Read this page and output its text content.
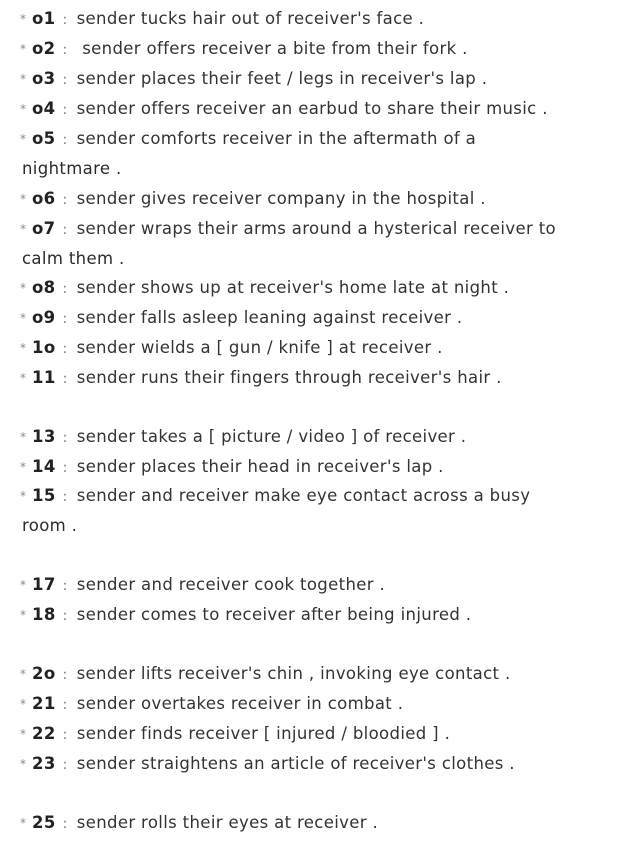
* o1 : sender tucks hair out of receiver's face .
* o2 : sender offers receiver a bite from their fork .
* o3 : sender places their feet / legs in receiver's lap .
* o4 : sender offers receiver an earbud to share their music .
* o5 : sender comforts receiver in the aftermath of a
nightmare .
* o6 : sender gives receiver company in the hospital .
* o7 : sender wraps their arms around a hysterical receiver to
calm them .
* o8 : sender shows up at receiver's home late at night .
* o9 : sender falls asleep leaning against receiver .
* 1o : sender wields a [ gun / knife ] at receiver .
* 11 : sender runs their fingers through receiver's hair .
* 13 : sender takes a [ picture / video ] of receiver .
* 14 : sender places their head in receiver's lap .
* 15 : sender and receiver make eye contact across a busy
room .
* 17 : sender and receiver cook together .
* 18 : sender comes to receiver after being injured .
* 2o : sender lifts receiver's chin , invoking eye contact .
* 21 : sender overtakes receiver in combat .
* 22 : sender finds receiver [ injured / bloodied ] .
* 23 : sender straightens an article of receiver's clothes .
* 25 : sender rolls their eyes at receiver .
